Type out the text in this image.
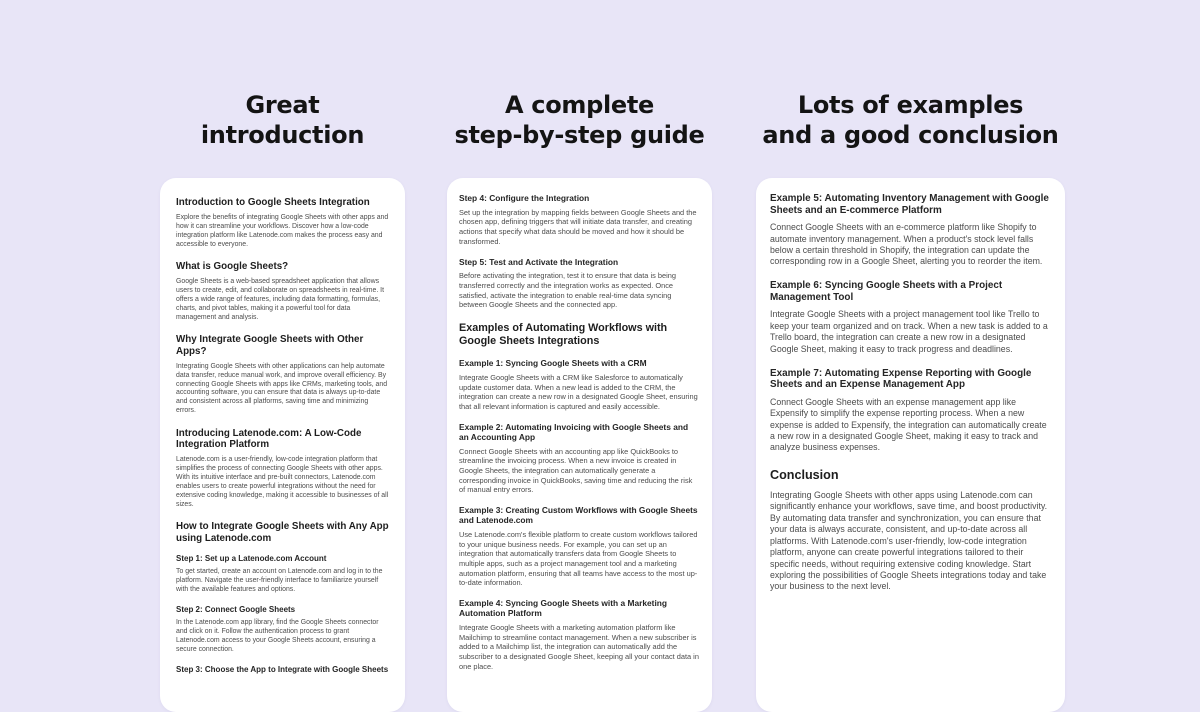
Great
introduction
Introduction to Google Sheets Integration

Explore the benefits of integrating Google Sheets with other apps and how it can streamline your workflows. Discover how a low-code integration platform like Latenode.com makes the process easy and accessible to everyone.

What is Google Sheets?

Google Sheets is a web-based spreadsheet application that allows users to create, edit, and collaborate on spreadsheets in real-time. It offers a wide range of features, including data formatting, formulas, charts, and pivot tables, making it a powerful tool for data management and analysis.

Why Integrate Google Sheets with Other Apps?

Integrating Google Sheets with other applications can help automate data transfer, reduce manual work, and improve overall efficiency. By connecting Google Sheets with apps like CRMs, marketing tools, and accounting software, you can ensure that data is always up-to-date and consistent across all platforms, saving time and minimizing errors.

Introducing Latenode.com: A Low-Code Integration Platform

Latenode.com is a user-friendly, low-code integration platform that simplifies the process of connecting Google Sheets with other apps. With its intuitive interface and pre-built connectors, Latenode.com enables users to create powerful integrations without the need for extensive coding knowledge, making it accessible to businesses of all sizes.

How to Integrate Google Sheets with Any App using Latenode.com
Step 1: Set up a Latenode.com Account

To get started, create an account on Latenode.com and log in to the platform. Navigate the user-friendly interface to familiarize yourself with the available features and options.

Step 2: Connect Google Sheets

In the Latenode.com app library, find the Google Sheets connector and click on it. Follow the authentication process to grant Latenode.com access to your Google Sheets account, ensuring a secure connection.

Step 3: Choose the App to Integrate with Google Sheets
A complete
step-by-step guide
Step 4: Configure the Integration

Set up the integration by mapping fields between Google Sheets and the chosen app, defining triggers that will initiate data transfer, and creating actions that specify what data should be moved and how it should be transformed.

Step 5: Test and Activate the Integration

Before activating the integration, test it to ensure that data is being transferred correctly and the integration works as expected. Once satisfied, activate the integration to enable real-time data syncing between Google Sheets and the connected app.

Examples of Automating Workflows with Google Sheets Integrations
Example 1: Syncing Google Sheets with a CRM

Integrate Google Sheets with a CRM like Salesforce to automatically update customer data. When a new lead is added to the CRM, the integration can create a new row in a designated Google Sheet, ensuring that all relevant information is captured and easily accessible.

Example 2: Automating Invoicing with Google Sheets and an Accounting App

Connect Google Sheets with an accounting app like QuickBooks to streamline the invoicing process. When a new invoice is created in Google Sheets, the integration can automatically generate a corresponding invoice in QuickBooks, saving time and reducing the risk of manual entry errors.

Example 3: Creating Custom Workflows with Google Sheets and Latenode.com

Use Latenode.com's flexible platform to create custom workflows tailored to your unique business needs. For example, you can set up an integration that automatically transfers data from Google Sheets to multiple apps, such as a project management tool and a marketing automation platform, ensuring that all teams have access to the most up-to-date information.

Example 4: Syncing Google Sheets with a Marketing Automation Platform

Integrate Google Sheets with a marketing automation platform like Mailchimp to streamline contact management. When a new subscriber is added to a Mailchimp list, the integration can automatically add the subscriber to a designated Google Sheet, keeping all your contact data in one place.

Lots of examples
and a good conclusion
Example 5: Automating Inventory Management with Google Sheets and an E-commerce Platform

Connect Google Sheets with an e-commerce platform like Shopify to automate inventory management. When a product's stock level falls below a certain threshold in Shopify, the integration can update the corresponding row in a Google Sheet, alerting you to reorder the item.

Example 6: Syncing Google Sheets with a Project Management Tool

Integrate Google Sheets with a project management tool like Trello to keep your team organized and on track. When a new task is added to a Trello board, the integration can create a new row in a designated Google Sheet, making it easy to track progress and deadlines.

Example 7: Automating Expense Reporting with Google Sheets and an Expense Management App

Connect Google Sheets with an expense management app like Expensify to simplify the expense reporting process. When a new expense is added to Expensify, the integration can automatically create a new row in a designated Google Sheet, making it easy to track and analyze business expenses.

Conclusion

Integrating Google Sheets with other apps using Latenode.com can significantly enhance your workflows, save time, and boost productivity. By automating data transfer and synchronization, you can ensure that your data is always accurate, consistent, and up-to-date across all platforms. With Latenode.com's user-friendly, low-code integration platform, anyone can create powerful integrations tailored to their specific needs, without requiring extensive coding knowledge. Start exploring the possibilities of Google Sheets integrations today and take your business to the next level.
